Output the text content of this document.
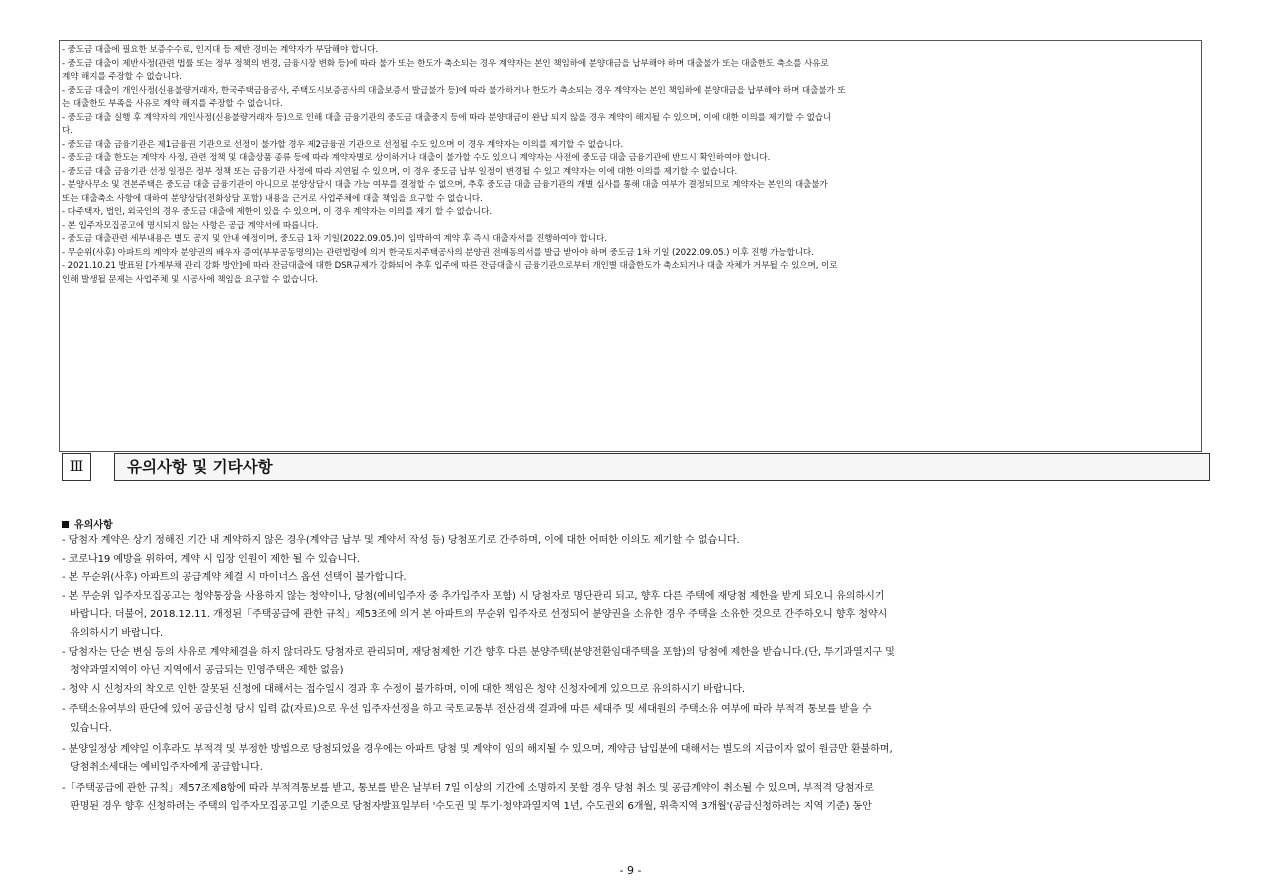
- 중도금 대출에 필요한 보증수수료, 인지대 등 제반 경비는 계약자가 부담해야 합니다.
- 중도금 대출이 제반사정(관련 법률 또는 정부 정책의 변경, 금융시장 변화 등)에 따라 불가 또는 한도가 축소되는 경우 계약자는 본인 책임하에 분양대금을 납부해야 하며 대출불가 또는 대출한도 축소를 사유로
계약 해지를 주장할 수 없습니다.
- 중도금 대출이 개인사정(신용불량거래자, 한국주택금융공사, 주택도시보증공사의 대출보증서 발급불가 등)에 따라 불가하거나 한도가 축소되는 경우 계약자는 본인 책임하에 분양대금을 납부해야 하며 대출불가 또
는 대출한도 부족을 사유로 계약 해지를 주장할 수 없습니다.
- 중도금 대출 실행 후 계약자의 개인사정(신용불량거래자 등)으로 인해 대출 금융기관의 중도금 대출중지 등에 따라 분양대금이 완납 되지 않을 경우 계약이 해지될 수 있으며, 이에 대한 이의를 제기할 수 없습니
다.
- 중도금 대출 금융기관은 제1금융권 기관으로 선정이 불가할 경우 제2금융권 기관으로 선정될 수도 있으며 이 경우 계약자는 이의를 제기할 수 없습니다.
- 중도금 대출 한도는 계약자 사정, 관련 정책 및 대출상품 종류 등에 따라 계약자별로 상이하거나 대출이 불가할 수도 있으니 계약자는 사전에 중도금 대출 금융기관에 반드시 확인하여야 합니다.
- 중도금 대출 금융기관 선정 일정은 정부 정책 또는 금융기관 사정에 따라 지연될 수 있으며, 이 경우 중도금 납부 일정이 변경될 수 있고 계약자는 이에 대한 이의를 제기할 수 없습니다.
- 분양사무소 및 견본주택은 중도금 대출 금융기관이 아니므로 분양상담시 대출 가능 여부를 결정할 수 없으며, 추후 중도금 대출 금융기관의 개별 심사를 통해 대출 여부가 결정되므로 계약자는 본인의 대출불가
또는 대출축소 사항에 대하여 분양상담(전화상담 포함) 내용을 근거로 사업주체에 대출 책임을 요구할 수 없습니다.
- 다주택자, 법인, 외국인의 경우 중도금 대출에 제한이 있을 수 있으며, 이 경우 계약자는 이의를 제기 할 수 없습니다.
- 본 입주자모집공고에 명시되지 않는 사항은 공급 계약서에 따릅니다.
- 중도금 대출관련 세부내용은 별도 공지 및 안내 예정이며, 중도금 1차 기일(2022.09.05.)이 임박하여 계약 후 즉시 대출자서를 진행하여야 합니다.
- 무순위(사후) 아파트의 계약자 분양권의 배우자 증여(부부공동명의)는 관련법령에 의거 한국토지주택공사의 분양권 전매동의서를 발급 받아야 하며 중도금 1차 기일 (2022.09.05.) 이후 진행 가능합니다.
- 2021.10.21 발표된 [가계부채 관리 강화 방안]에 따라 잔금대출에 대한 DSR규제가 강화되어 추후 입주에 따른 잔금대출시 금융기관으로부터 개인별 대출한도가 축소되거나 대출 자체가 거부될 수 있으며, 이로
인해 발생될 문제는 사업주체 및 시공사에 책임을 요구할 수 없습니다.
Ⅲ	유의사항 및 기타사항
유의사항
- 당첨자 계약은 상기 정해진 기간 내 계약하지 않은 경우(계약금 납부 및 계약서 작성 등) 당첨포기로 간주하며, 이에 대한 어떠한 이의도 제기할 수 없습니다.
- 코로나19 예방을 위하여, 계약 시 입장 인원이 제한 될 수 있습니다.
- 본 무순위(사후) 아파트의 공급계약 체결 시 마이너스 옵션 선택이 불가합니다.
- 본 무순위 입주자모집공고는 청약통장을 사용하지 않는 청약이나, 당첨(예비입주자 중 추가입주자 포함) 시 당첨자로 명단관리 되고, 향후 다른 주택에 재당첨 제한을 받게 되오니 유의하시기
바랍니다. 더불어, 2018.12.11. 개정된「주택공급에 관한 규칙」제53조에 의거 본 아파트의 무순위 입주자로 선정되어 분양권을 소유한 경우 주택을 소유한 것으로 간주하오니 향후 청약시
유의하시기 바랍니다.
- 당첨자는 단순 변심 등의 사유로 계약체결을 하지 않더라도 당첨자로 관리되며, 재당첨제한 기간 향후 다른 분양주택(분양전환임대주택을 포함)의 당첨에 제한을 받습니다.(단, 투기과열지구 및
청약과열지역이 아닌 지역에서 공급되는 민영주택은 제한 없음)
- 청약 시 신청자의 착오로 인한 잘못된 신청에 대해서는 접수일시 경과 후 수정이 불가하며, 이에 대한 책임은 청약 신청자에게 있으므로 유의하시기 바랍니다.
- 주택소유여부의 판단에 있어 공급신청 당시 입력 값(자료)으로 우선 입주자선정을 하고 국토교통부 전산검색 결과에 따른 세대주 및 세대원의 주택소유 여부에 따라 부적격 통보를 받을 수
있습니다.
- 분양일정상 계약일 이후라도 부적격 및 부정한 방법으로 당첨되었을 경우에는 아파트 당첨 및 계약이 임의 해지될 수 있으며, 계약금 납입분에 대해서는 별도의 지급이자 없이 원금만 환불하며,
당첨취소세대는 예비입주자에게 공급합니다.
-「주택공급에 관한 규칙」제57조제8항에 따라 부적격통보를 받고, 통보를 받은 날부터 7일 이상의 기간에 소명하지 못할 경우 당첨 취소 및 공급계약이 취소될 수 있으며, 부적격 당첨자로
판명된 경우 향후 신청하려는 주택의 입주자모집공고일 기준으로 당첨자발표일부터 '수도권 및 투기·청약과열지역 1년, 수도권외 6개월, 위축지역 3개월'(공급신청하려는 지역 기준) 동안
- 9 -
